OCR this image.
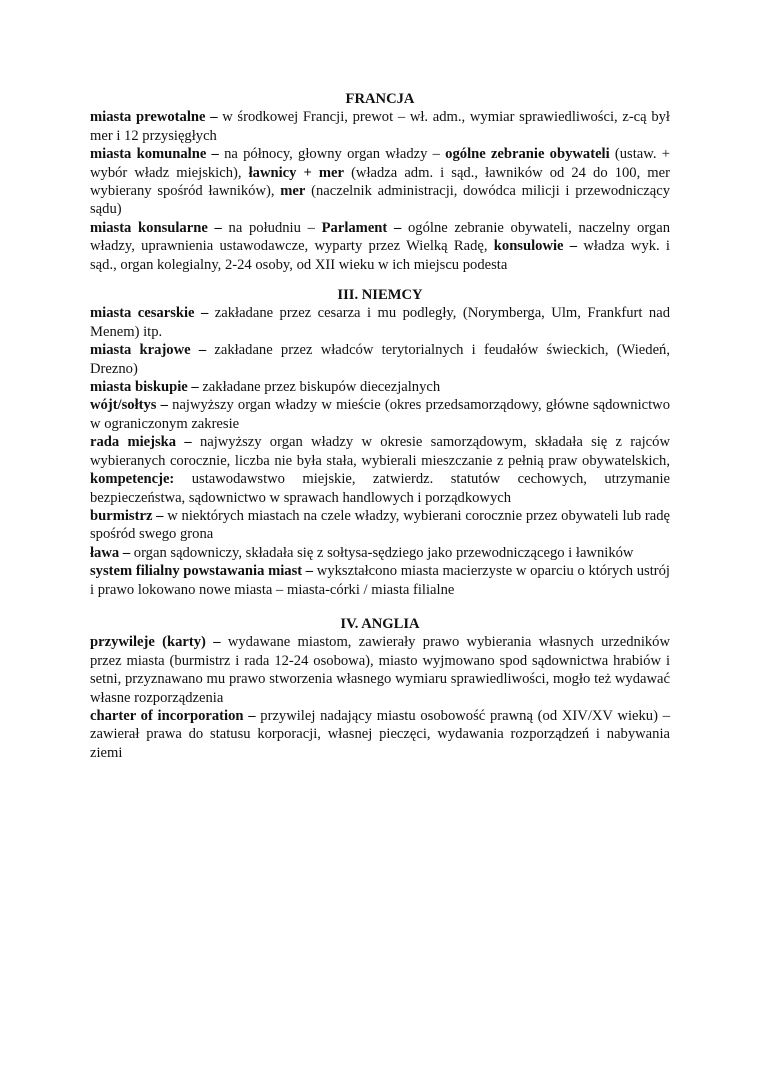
FRANCJA

miasta prewotalne – w środkowej Francji, prewot – wł. adm., wymiar sprawiedliwości, z-cą był mer i 12 przysięgłych

miasta komunalne – na północy, głowny organ władzy – ogólne zebranie obywateli (ustaw. + wybór władz miejskich), ławnicy + mer (władza adm. i sąd., ławników od 24 do 100, mer wybierany spośród ławników), mer (naczelnik administracji, dowódca milicji i przewodniczący sądu)

miasta konsularne – na południu – Parlament – ogólne zebranie obywateli, naczelny organ władzy, uprawnienia ustawodawcze, wyparty przez Wielką Radę, konsulowie – władza wyk. i sąd., organ kolegialny, 2-24 osoby, od XII wieku w ich miejscu podesta

III. NIEMCY

miasta cesarskie – zakładane przez cesarza i mu podległy, (Norymberga, Ulm, Frankfurt nad Menem) itp.

miasta krajowe – zakładane przez władców terytorialnych i feudałów świeckich, (Wiedeń, Drezno)

miasta biskupie – zakładane przez biskupów diecezjalnych

wójt/sołtys – najwyższy organ władzy w mieście (okres przedsamorządowy, główne sądownictwo w ograniczonym zakresie

rada miejska – najwyższy organ władzy w okresie samorządowym, składała się z rajców wybieranych corocznie, liczba nie była stała, wybierali mieszczanie z pełnią praw obywatelskich, kompetencje: ustawodawstwo miejskie, zatwierdz. statutów cechowych, utrzymanie bezpieczeństwa, sądownictwo w sprawach handlowych i porządkowych

burmistrz – w niektórych miastach na czele władzy, wybierani corocznie przez obywateli lub radę spośród swego grona

ława – organ sądowniczy, składała się z sołtysa-sędziego jako przewodniczącego i ławników

system filialny powstawania miast – wykształcono miasta macierzyste w oparciu o których ustrój i prawo lokowano nowe miasta – miasta-córki / miasta filialne

IV. ANGLIA

przywileje (karty) – wydawane miastom, zawierały prawo wybierania własnych urzedników przez miasta (burmistrz i rada 12-24 osobowa), miasto wyjmowano spod sądownictwa hrabiów i setni, przyznawano mu prawo stworzenia własnego wymiaru sprawiedliwości, mogło też wydawać własne rozporządzenia

charter of incorporation – przywilej nadający miastu osobowość prawną (od XIV/XV wieku) – zawierał prawa do statusu korporacji, własnej pieczęci, wydawania rozporządzeń i nabywania ziemi
